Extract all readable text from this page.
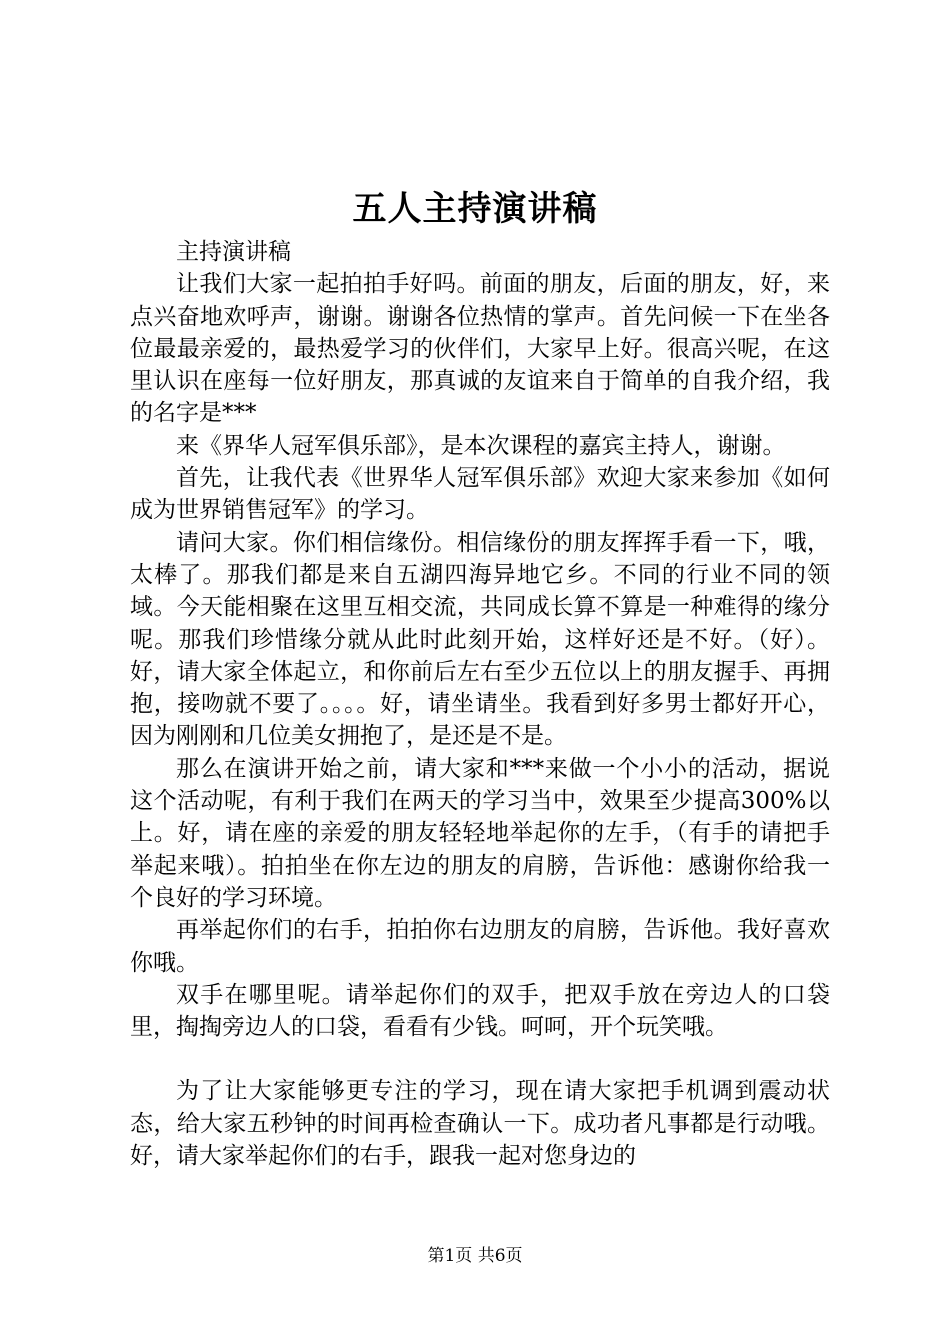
五人主持演讲稿

主持演讲稿

让我们大家一起拍拍手好吗。前面的朋友，后面的朋友，好，来点兴奋地欢呼声，谢谢。谢谢各位热情的掌声。首先问候一下在坐各位最最亲爱的，最热爱学习的伙伴们，大家早上好。很高兴呢，在这里认识在座每一位好朋友，那真诚的友谊来自于简单的自我介绍，我的名字是***

来《界华人冠军俱乐部》，是本次课程的嘉宾主持人，谢谢。

首先，让我代表《世界华人冠军俱乐部》欢迎大家来参加《如何成为世界销售冠军》的学习。

请问大家。你们相信缘份。相信缘份的朋友挥挥手看一下，哦，太棒了。那我们都是来自五湖四海异地它乡。不同的行业不同的领域。今天能相聚在这里互相交流，共同成长算不算是一种难得的缘分呢。那我们珍惜缘分就从此时此刻开始，这样好还是不好。（好）。好，请大家全体起立，和你前后左右至少五位以上的朋友握手、再拥抱，接吻就不要了。。。。好，请坐请坐。我看到好多男士都好开心，因为刚刚和几位美女拥抱了，是还是不是。

那么在演讲开始之前，请大家和***来做一个小小的活动，据说这个活动呢，有利于我们在两天的学习当中，效果至少提高300%以上。好，请在座的亲爱的朋友轻轻地举起你的左手，（有手的请把手举起来哦）。拍拍坐在你左边的朋友的肩膀，告诉他：感谢你给我一个良好的学习环境。

再举起你们的右手，拍拍你右边朋友的肩膀，告诉他。我好喜欢你哦。

双手在哪里呢。请举起你们的双手，把双手放在旁边人的口袋里，掏掏旁边人的口袋，看看有少钱。呵呵，开个玩笑哦。

为了让大家能够更专注的学习，现在请大家把手机调到震动状态，给大家五秒钟的时间再检查确认一下。成功者凡事都是行动哦。好，请大家举起你们的右手，跟我一起对您身边的

第1页 共6页
